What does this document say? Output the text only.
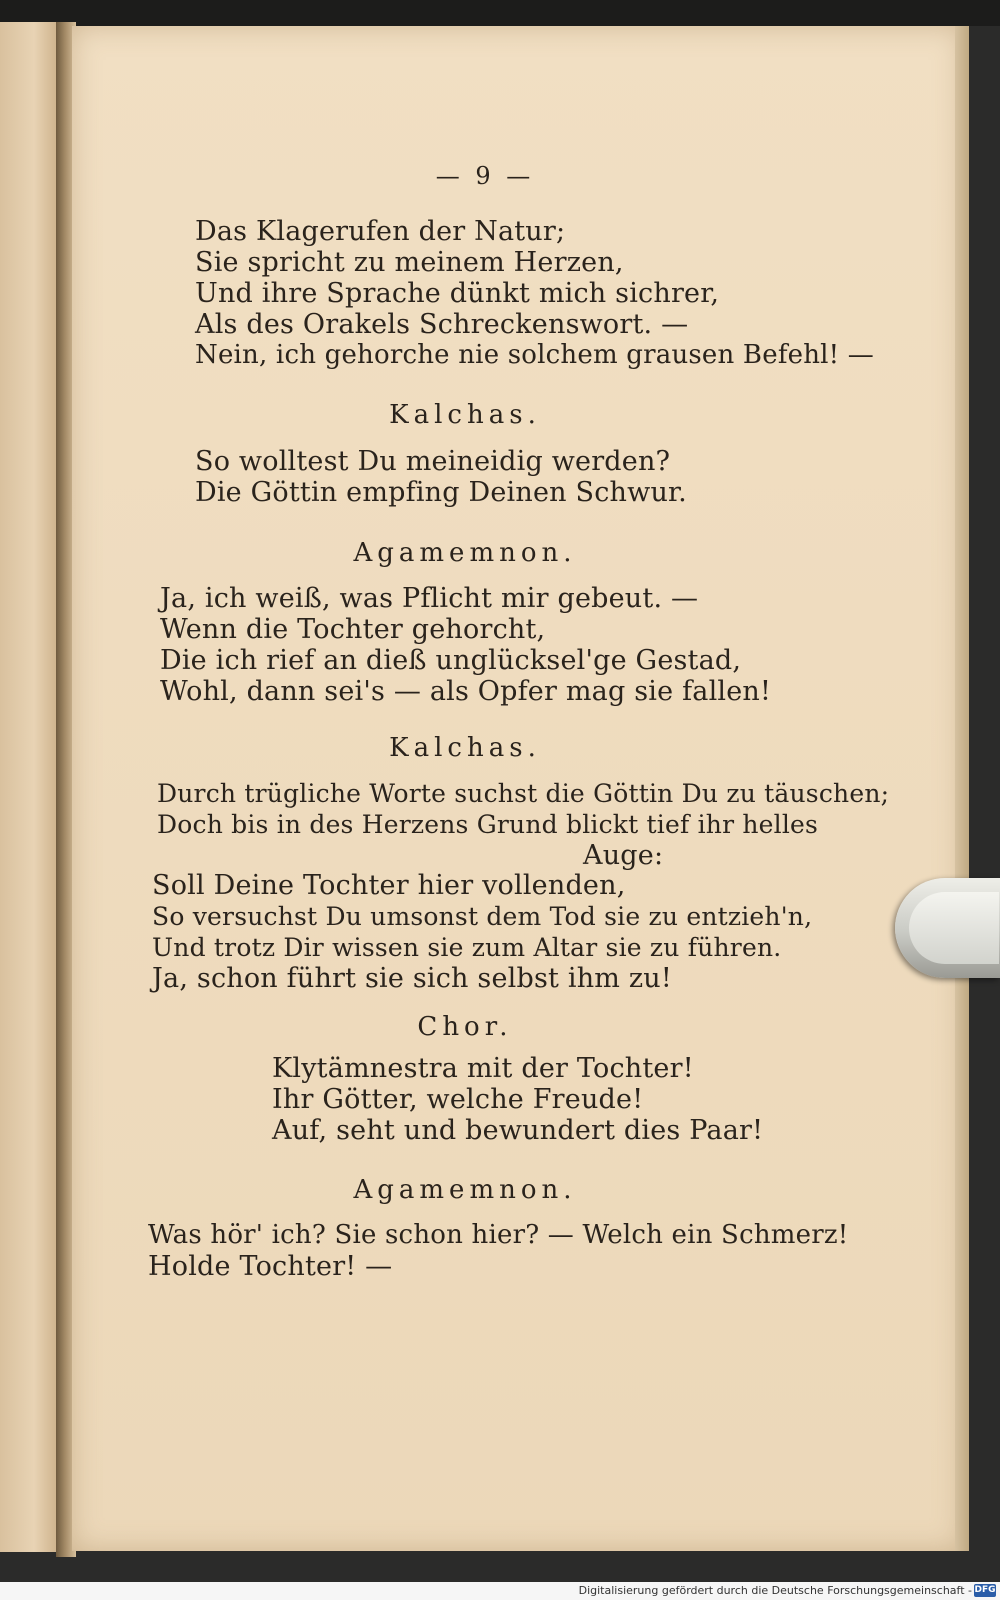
— 9 —
Das Klagerufen der Natur;
Sie spricht zu meinem Herzen,
Und ihre Sprache dünkt mich sichrer,
Als des Orakels Schreckenswort. —
Nein, ich gehorche nie solchem grausen Befehl! —
Kalchas.
So wolltest Du meineidig werden?
Die Göttin empfing Deinen Schwur.
Agamemnon.
Ja, ich weiß, was Pflicht mir gebeut. —
Wenn die Tochter gehorcht,
Die ich rief an dieß unglücksel'ge Gestad,
Wohl, dann sei's — als Opfer mag sie fallen!
Kalchas.
Durch trügliche Worte suchst die Göttin Du zu täuschen;
Doch bis in des Herzens Grund blickt tief ihr helles
Auge:
Soll Deine Tochter hier vollenden,
So versuchst Du umsonst dem Tod sie zu entzieh'n,
Und trotz Dir wissen sie zum Altar sie zu führen.
Ja, schon führt sie sich selbst ihm zu!
Chor.
Klytämnestra mit der Tochter!
Ihr Götter, welche Freude!
Auf, seht und bewundert dies Paar!
Agamemnon.
Was hör' ich? Sie schon hier? — Welch ein Schmerz!
Holde Tochter! —
Digitalisierung gefördert durch die Deutsche Forschungsgemeinschaft - DFG
